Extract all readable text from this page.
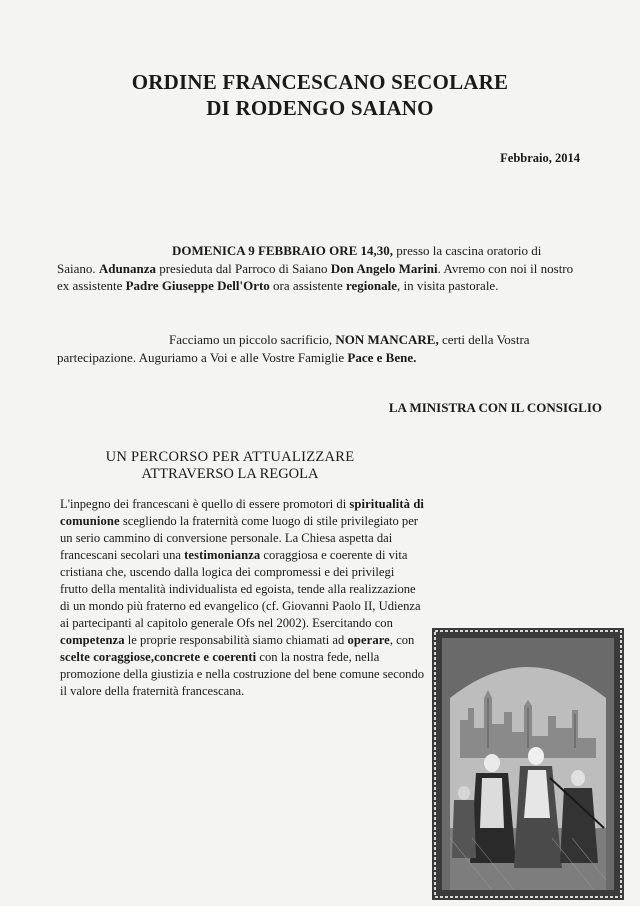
ORDINE FRANCESCANO SECOLARE
DI RODENGO SAIANO
Febbraio, 2014

DOMENICA 9 FEBBRAIO ORE 14,30, presso la cascina oratorio di Saiano. Adunanza presieduta dal Parroco di Saiano Don Angelo Marini. Avremo con noi il nostro ex assistente Padre Giuseppe Dell'Orto ora assistente regionale, in visita pastorale.

Facciamo un piccolo sacrificio, NON MANCARE, certi della Vostra partecipazione. Auguriamo a Voi e alle Vostre Famiglie Pace e Bene.

LA MINISTRA CON IL CONSIGLIO
UN PERCORSO PER ATTUALIZZARE
ATTRAVERSO LA REGOLA

L'inpegno dei francescani è quello di essere promotori di spiritualità di comunione scegliendo la fraternità come luogo di stile privilegiato per un serio cammino di conversione personale. La Chiesa aspetta dai francescani secolari una testimonianza coraggiosa e coerente di vita cristiana che, uscendo dalla logica dei compromessi e dei privilegi frutto della mentalità individualista ed egoista, tende alla realizzazione di un mondo più fraterno ed evangelico (cf. Giovanni Paolo II, Udienza ai partecipanti al capitolo generale Ofs nel 2002). Esercitando con competenza le proprie responsabilità siamo chiamati ad operare, con scelte coraggiose,concrete e coerenti con la nostra fede, nella promozione della giustizia e nella costruzione del bene comune secondo il valore della fraternità francescana.
